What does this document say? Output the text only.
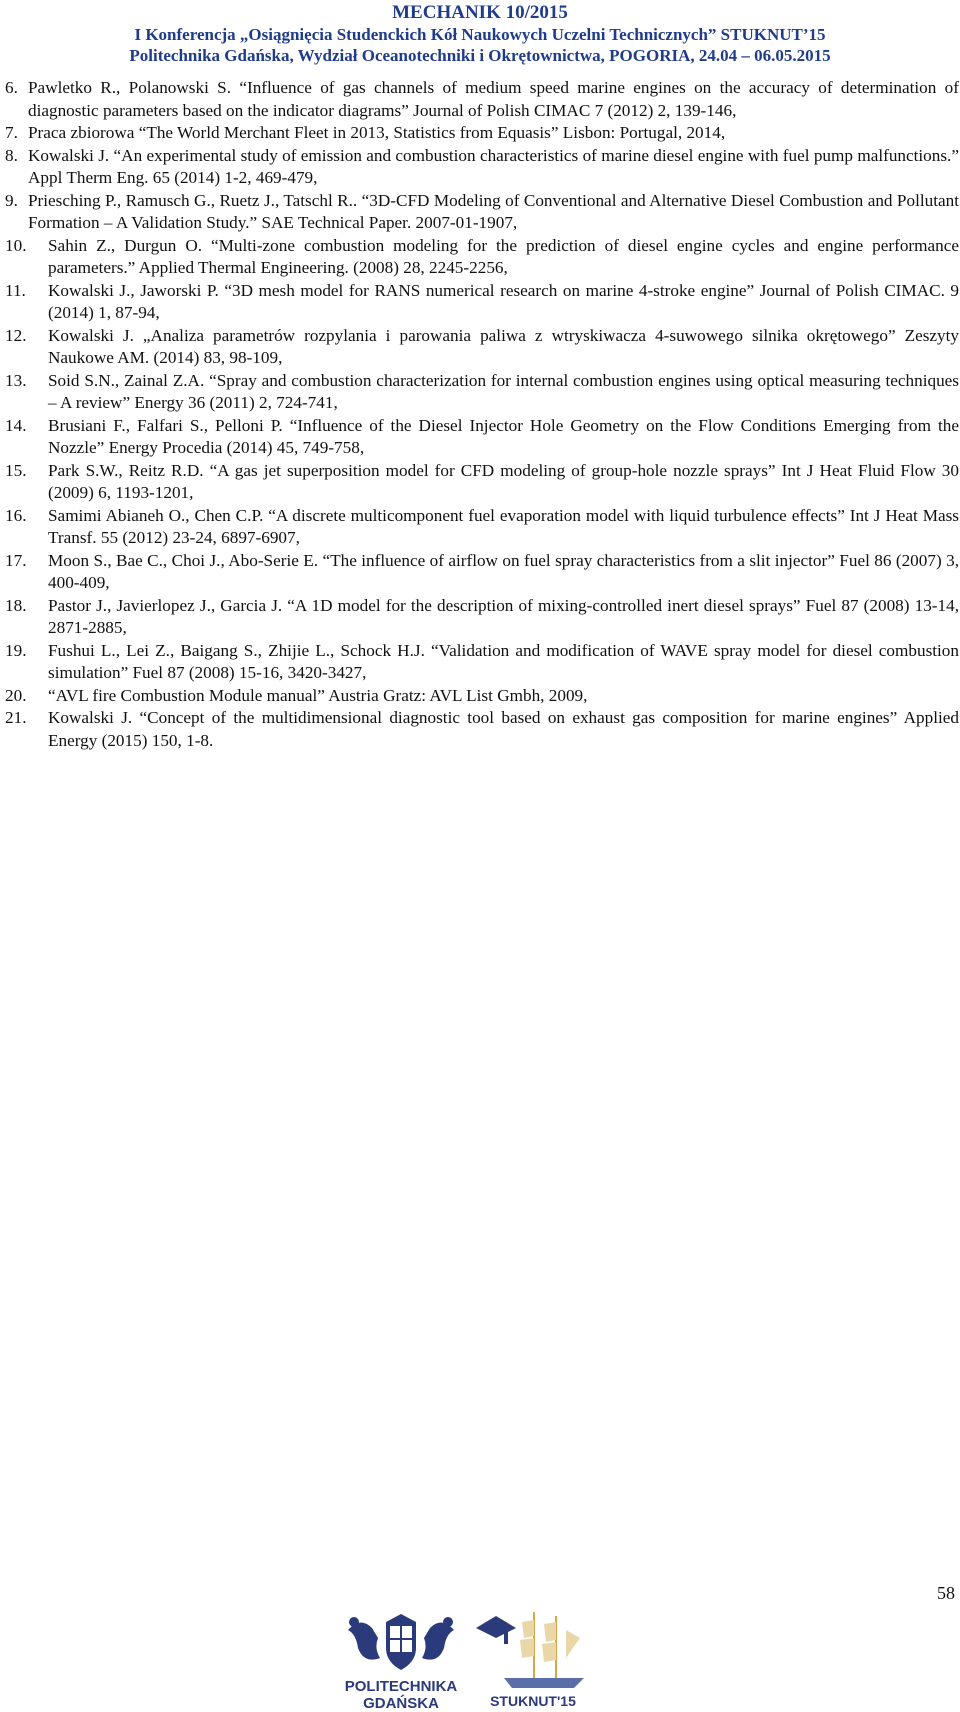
MECHANIK 10/2015
I Konferencja „Osiągnięcia Studenckich Kół Naukowych Uczelni Technicznych” STUKNUT’15
Politechnika Gdańska, Wydział Oceanotechniki i Okrętownictwa, POGORIA, 24.04 – 06.05.2015
6. Pawletko R., Polanowski S. “Influence of gas channels of medium speed marine engines on the accuracy of determination of diagnostic parameters based on the indicator diagrams” Journal of Polish CIMAC 7 (2012) 2, 139-146,
7. Praca zbiorowa “The World Merchant Fleet in 2013, Statistics from Equasis” Lisbon: Portugal, 2014,
8. Kowalski J. “An experimental study of emission and combustion characteristics of marine diesel engine with fuel pump malfunctions.” Appl Therm Eng. 65 (2014) 1-2, 469-479,
9. Priesching P., Ramusch G., Ruetz J., Tatschl R.. “3D-CFD Modeling of Conventional and Alternative Diesel Combustion and Pollutant Formation – A Validation Study.” SAE Technical Paper. 2007-01-1907,
10.	Sahin Z., Durgun O. “Multi-zone combustion modeling for the prediction of diesel engine cycles and engine performance parameters.” Applied Thermal Engineering. (2008) 28, 2245-2256,
11.	Kowalski J., Jaworski P. “3D mesh model for RANS numerical research on marine 4-stroke engine” Journal of Polish CIMAC. 9 (2014) 1, 87-94,
12.	Kowalski J. „Analiza parametrów rozpylania i parowania paliwa z wtryskiwacza 4-suwowego silnika okrętowego” Zeszyty Naukowe AM. (2014) 83, 98-109,
13.	Soid S.N., Zainal Z.A. “Spray and combustion characterization for internal combustion engines using optical measuring techniques – A review” Energy 36 (2011) 2, 724-741,
14.	Brusiani F., Falfari S., Pelloni P. “Influence of the Diesel Injector Hole Geometry on the Flow Conditions Emerging from the Nozzle” Energy Procedia (2014) 45, 749-758,
15.	Park S.W., Reitz R.D. “A gas jet superposition model for CFD modeling of group-hole nozzle sprays” Int J Heat Fluid Flow 30 (2009) 6, 1193-1201,
16.	Samimi Abianeh O., Chen C.P. “A discrete multicomponent fuel evaporation model with liquid turbulence effects” Int J Heat Mass Transf. 55 (2012) 23-24, 6897-6907,
17.	Moon S., Bae C., Choi J., Abo-Serie E. “The influence of airflow on fuel spray characteristics from a slit injector” Fuel 86 (2007) 3, 400-409,
18.	Pastor J., Javierlopez J., Garcia J. “A 1D model for the description of mixing-controlled inert diesel sprays” Fuel 87 (2008) 13-14, 2871-2885,
19.	Fushui L., Lei Z., Baigang S., Zhijie L., Schock H.J. “Validation and modification of WAVE spray model for diesel combustion simulation” Fuel 87 (2008) 15-16, 3420-3427,
20.	“AVL fire Combustion Module manual” Austria Gratz: AVL List Gmbh, 2009,
21.	Kowalski J. “Concept of the multidimensional diagnostic tool based on exhaust gas composition for marine engines” Applied Energy (2015) 150, 1-8.
58
POLITECHNIKA
GDAŃSKA	STUKNUT'15
